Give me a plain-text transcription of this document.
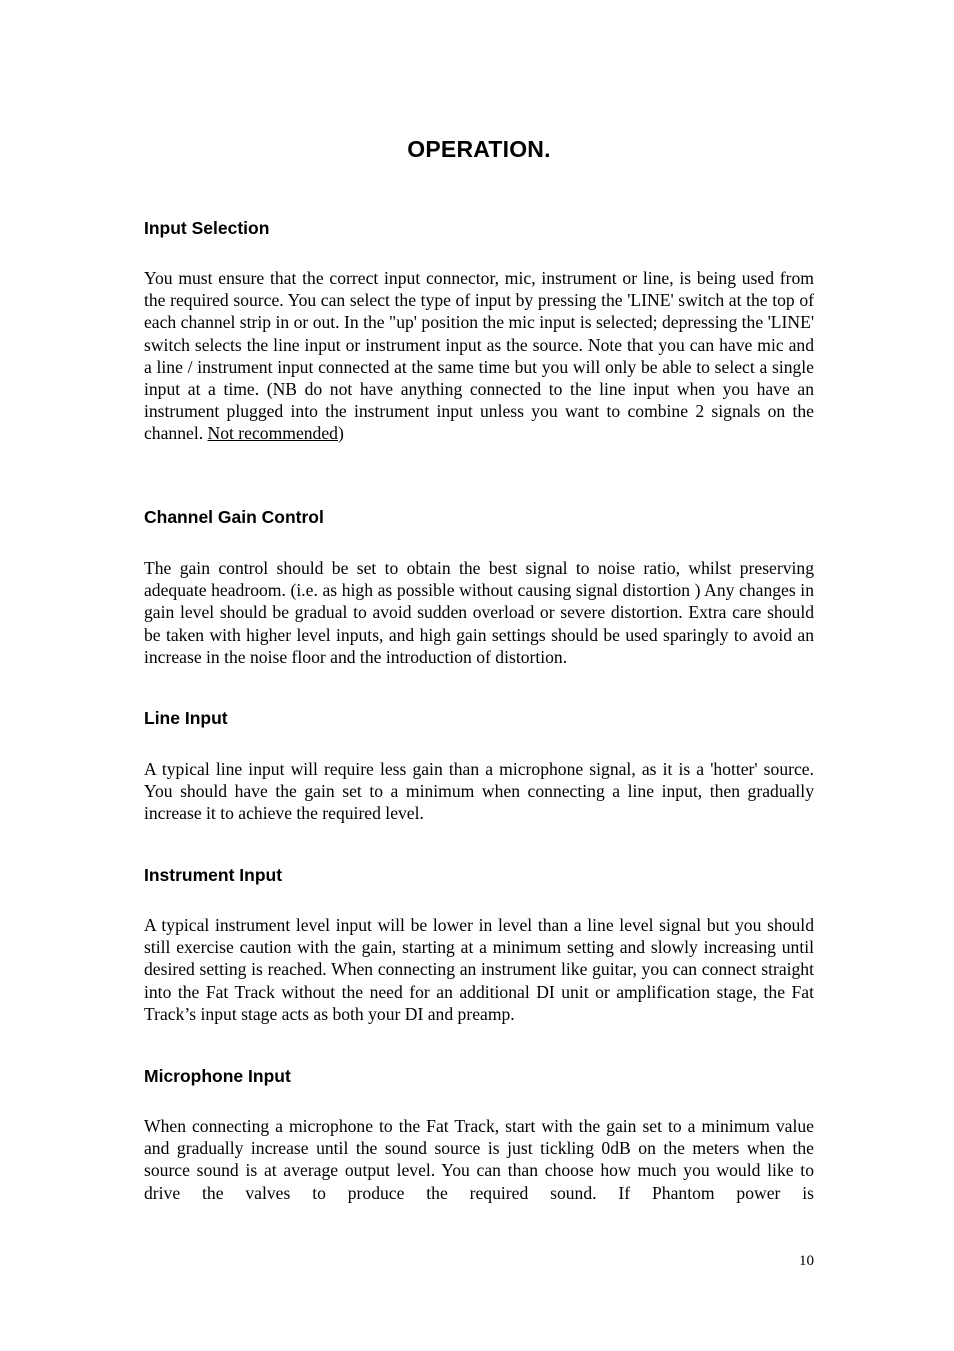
OPERATION.
Input Selection

You must ensure that the correct input connector, mic, instrument or line, is being used from the required source. You can select the type of input by pressing the 'LINE' switch at the top of each channel strip in or out. In the "up' position the mic input is selected; depressing the 'LINE' switch selects the line input or instrument input as the source. Note that you can have mic and a line / instrument input connected at the same time but you will only be able to select a single input at a time. (NB do not have anything connected to the line input when you have an instrument plugged into the instrument input unless you want to combine 2 signals on the channel. Not recommended)

Channel Gain Control

The gain control should be set to obtain the best signal to noise ratio, whilst preserving adequate headroom. (i.e. as high as possible without causing signal distortion ) Any changes in gain level should be gradual to avoid sudden overload or severe distortion. Extra care should be taken with higher level inputs, and high gain settings should be used sparingly to avoid an increase in the noise floor and the introduction of distortion.

Line Input

A typical line input will require less gain than a microphone signal, as it is a 'hotter' source. You should have the gain set to a minimum when connecting a line input, then gradually increase it to achieve the required level.

Instrument Input

A typical instrument level input will be lower in level than a line level signal but you should still exercise caution with the gain, starting at a minimum setting and slowly increasing until desired setting is reached. When connecting an instrument like guitar, you can connect straight into the Fat Track without the need for an additional DI unit or amplification stage, the Fat Track’s input stage acts as both your DI and preamp.

Microphone Input

When connecting a microphone to the Fat Track, start with the gain set to a minimum value and gradually increase until the sound source is just tickling 0dB on the meters when the source sound is at average output level. You can than choose how much you would like to drive the valves to produce the required sound. If Phantom power is

10
